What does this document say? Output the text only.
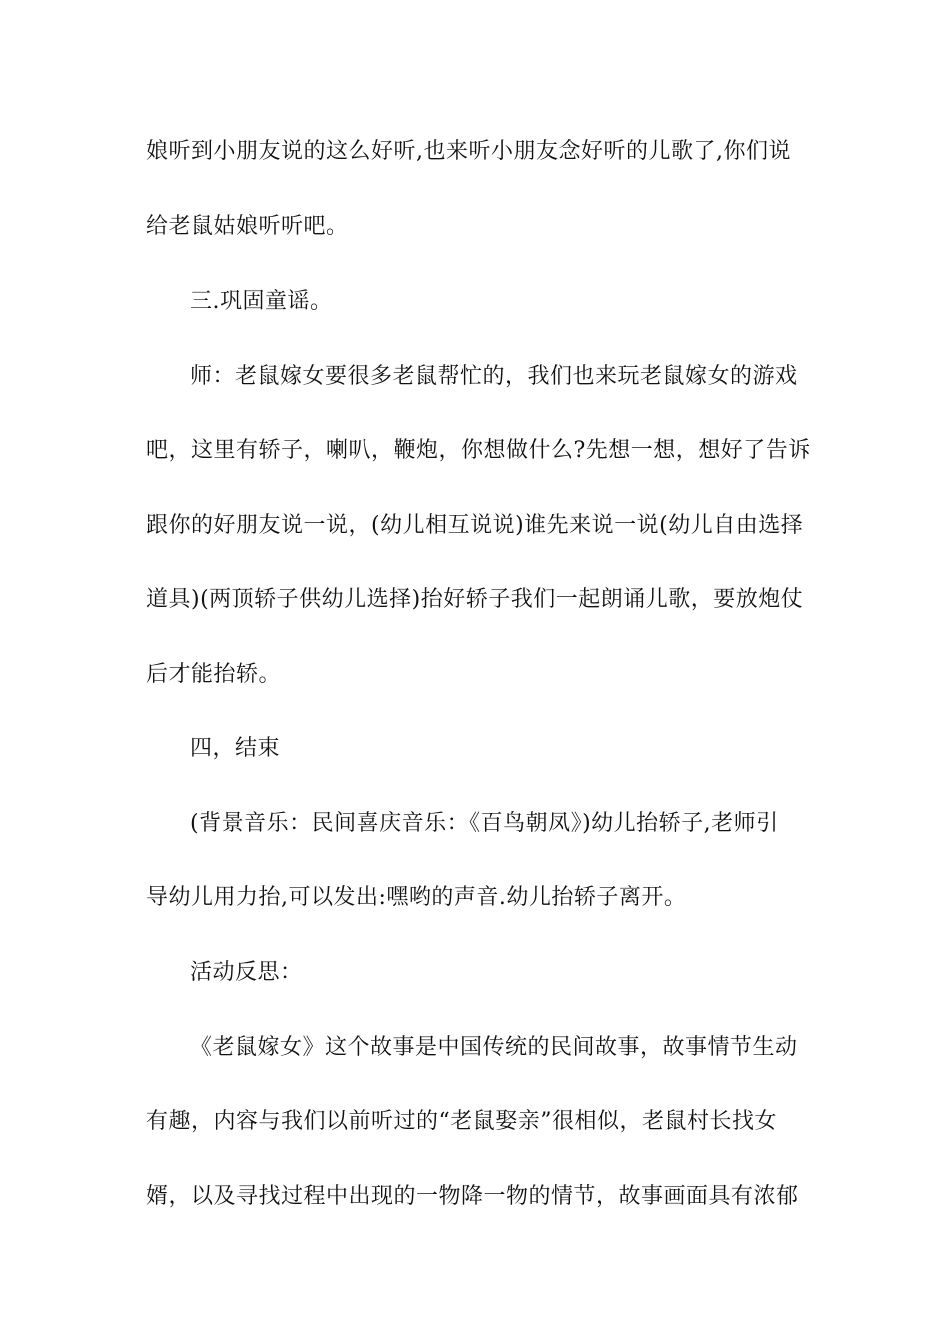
娘听到小朋友说的这么好听,也来听小朋友念好听的儿歌了,你们说
给老鼠姑娘听听吧。
三.巩固童谣。
师：老鼠嫁女要很多老鼠帮忙的，我们也来玩老鼠嫁女的游戏
吧，这里有轿子，喇叭，鞭炮，你想做什么?先想一想，想好了告诉
跟你的好朋友说一说，(幼儿相互说说)谁先来说一说(幼儿自由选择
道具)(两顶轿子供幼儿选择)抬好轿子我们一起朗诵儿歌，要放炮仗
后才能抬轿。
四，结束
(背景音乐：民间喜庆音乐：《百鸟朝凤》)幼儿抬轿子,老师引
导幼儿用力抬,可以发出:嘿哟的声音.幼儿抬轿子离开。
活动反思：
《老鼠嫁女》这个故事是中国传统的民间故事，故事情节生动
有趣，内容与我们以前听过的“老鼠娶亲”很相似，老鼠村长找女
婿，以及寻找过程中出现的一物降一物的情节，故事画面具有浓郁
